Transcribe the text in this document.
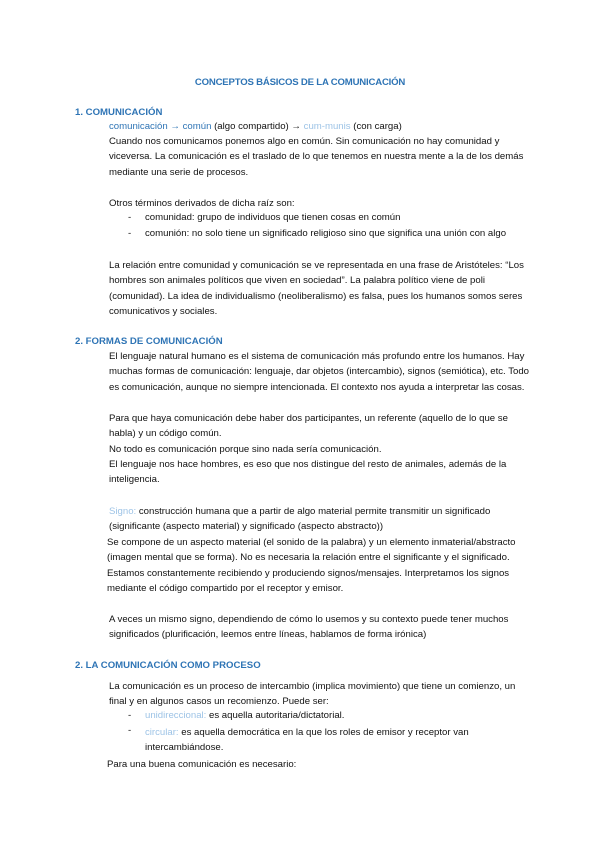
CONCEPTOS BÁSICOS DE LA COMUNICACIÓN
1. COMUNICACIÓN

comunicación → común (algo compartido) → cum-munis (con carga)

Cuando nos comunicamos ponemos algo en común. Sin comunicación no hay comunidad y viceversa. La comunicación es el traslado de lo que tenemos en nuestra mente a la de los demás mediante una serie de procesos.

Otros términos derivados de dicha raíz son:

- comunidad: grupo de individuos que tienen cosas en común
- comunión: no solo tiene un significado religioso sino que significa una unión con algo

La relación entre comunidad y comunicación se ve representada en una frase de Aristóteles: “Los hombres son animales políticos que viven en sociedad”. La palabra político viene de poli (comunidad). La idea de individualismo (neoliberalismo) es falsa, pues los humanos somos seres comunicativos y sociales.

2. FORMAS DE COMUNICACIÓN

El lenguaje natural humano es el sistema de comunicación más profundo entre los humanos. Hay muchas formas de comunicación: lenguaje, dar objetos (intercambio), signos (semiótica), etc. Todo es comunicación, aunque no siempre intencionada. El contexto nos ayuda a interpretar las cosas.

Para que haya comunicación debe haber dos participantes, un referente (aquello de lo que se habla) y un código común.

No todo es comunicación porque sino nada sería comunicación.

El lenguaje nos hace hombres, es eso que nos distingue del resto de animales, además de la inteligencia.

Signo: construcción humana que a partir de algo material permite transmitir un significado (significante (aspecto material) y significado (aspecto abstracto))

Se compone de un aspecto material (el sonido de la palabra) y un elemento inmaterial/abstracto (imagen mental que se forma). No es necesaria la relación entre el significante y el significado. Estamos constantemente recibiendo y produciendo signos/mensajes. Interpretamos los signos mediante el código compartido por el receptor y emisor.

A veces un mismo signo, dependiendo de cómo lo usemos y su contexto puede tener muchos significados (plurificación, leemos entre líneas, hablamos de forma irónica)

2. LA COMUNICACIÓN COMO PROCESO

La comunicación es un proceso de intercambio (implica movimiento) que tiene un comienzo, un final y en algunos casos un recomienzo. Puede ser:

- unidireccional: es aquella autoritaria/dictatorial.
- circular: es aquella democrática en la que los roles de emisor y receptor van intercambiándose.

Para una buena comunicación es necesario:
